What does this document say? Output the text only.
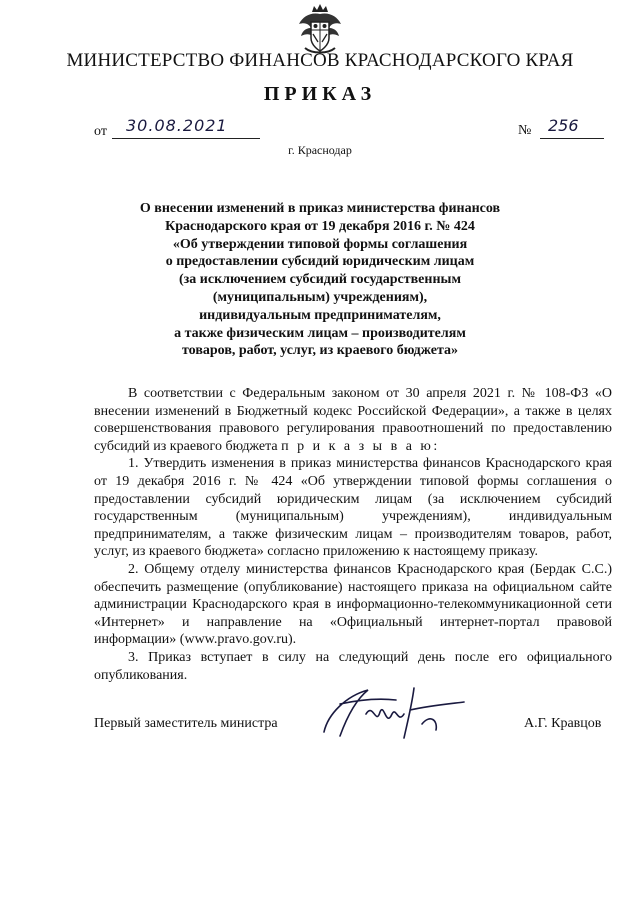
МИНИСТЕРСТВО ФИНАНСОВ КРАСНОДАРСКОГО КРАЯ
ПРИКАЗ
от 30.08.2021	№ 256
г. Краснодар
О внесении изменений в приказ министерства финансов
Краснодарского края от 19 декабря 2016 г. № 424
«Об утверждении типовой формы соглашения
о предоставлении субсидий юридическим лицам
(за исключением субсидий государственным
(муниципальным) учреждениям),
индивидуальным предпринимателям,
а также физическим лицам – производителям
товаров, работ, услуг, из краевого бюджета»

В соответствии с Федеральным законом от 30 апреля 2021 г. № 108-ФЗ «О внесении изменений в Бюджетный кодекс Российской Федерации», а также в целях совершенствования правового регулирования правоотношений по предоставлению субсидий из краевого бюджета п р и к а з ы в а ю:

1. Утвердить изменения в приказ министерства финансов Краснодарского края от 19 декабря 2016 г. № 424 «Об утверждении типовой формы соглашения о предоставлении субсидий юридическим лицам (за исключением субсидий государственным (муниципальным) учреждениям), индивидуальным предпринимателям, а также физическим лицам – производителям товаров, работ, услуг, из краевого бюджета» согласно приложению к настоящему приказу.

2. Общему отделу министерства финансов Краснодарского края (Бердак С.С.) обеспечить размещение (опубликование) настоящего приказа на официальном сайте администрации Краснодарского края в информационно-телекоммуникационной сети «Интернет» и направление на «Официальный интернет-портал правовой информации» (www.pravo.gov.ru).

3. Приказ вступает в силу на следующий день после его официального опубликования.

Первый заместитель министра	А.Г. Кравцов
